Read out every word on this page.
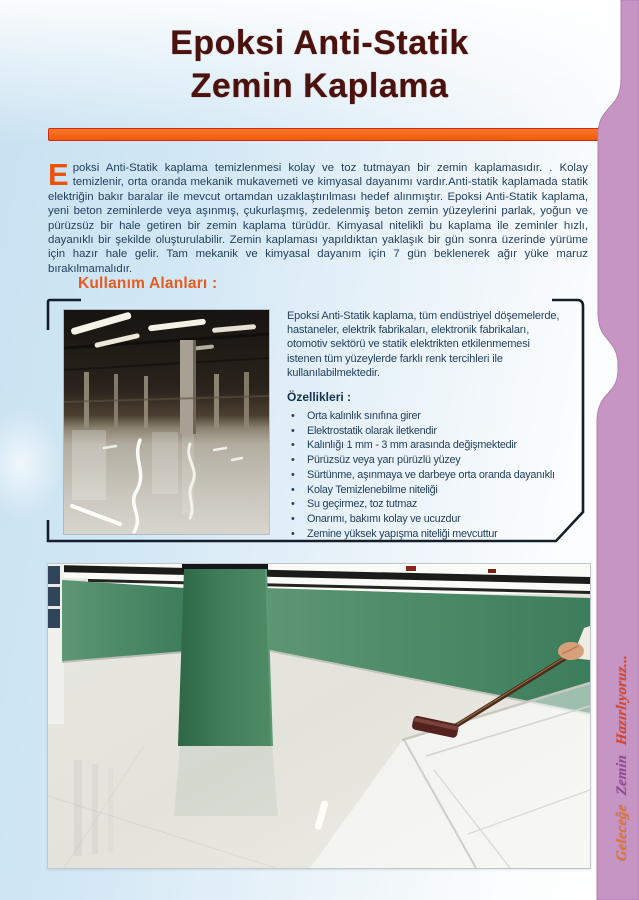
Epoksi Anti-Statik
Zemin Kaplama

E poksi Anti-Statik kaplama temizlenmesi kolay ve toz tutmayan bir zemin kaplamasıdır. . Kolay temizlenir, orta oranda mekanik mukavemeti ve kimyasal dayanımı vardır.Anti-statik kaplamada statik elektriğin bakır baralar ile mevcut ortamdan uzaklaştırılması hedef alınmıştır. Epoksi Anti-Statik kaplama, yeni beton zeminlerde veya aşınmış, çukurlaşmış, zedelenmiş beton zemin yüzeylerini parlak, yoğun ve pürüzsüz bir hale getiren bir zemin kaplama türüdür. Kimyasal nitelikli bu kaplama ile zeminler hızlı, dayanıklı bir şekilde oluşturulabilir. Zemin kaplaması yapıldıktan yaklaşık bir gün sonra üzerinde yürüme için hazır hale gelir. Tam mekanik ve kimyasal dayanım için 7 gün beklenerek ağır yüke maruz bırakılmamalıdır.

Kullanım Alanları :

Epoksi Anti-Statik kaplama, tüm endüstriyel döşemelerde, hastaneler, elektrik fabrikaları, elektronik fabrikaları, otomotiv sektörü ve statik elektrikten etkilenmemesi istenen tüm yüzeylerde farklı renk tercihleri ile kullanılabilmektedir.

Özellikleri :
• Orta kalınlık sınıfına girer
• Elektrostatik olarak iletkendir
• Kalınlığı 1 mm - 3 mm arasında değişmektedir
• Pürüzsüz veya yarı pürüzlü yüzey
• Sürtünme, aşınmaya ve darbeye orta oranda dayanıklı
• Kolay Temizlenebilme niteliği
• Su geçirmez, toz tutmaz
• Onarımı, bakımı kolay ve ucuzdur
• Zemine yüksek yapışma niteliği mevcuttur
Geleceğe Zemin Hazırlıyoruz...
